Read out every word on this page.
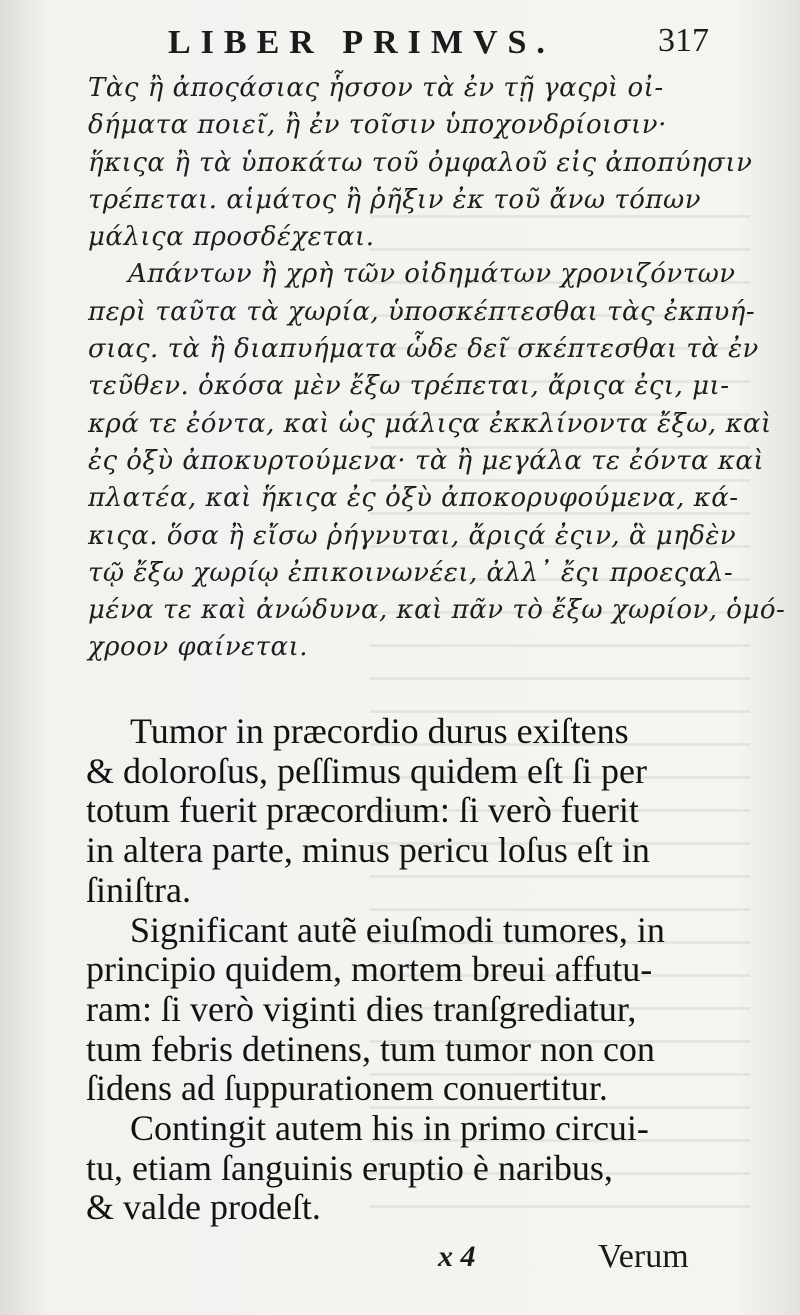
LIBER PRIMVS.	317

Τὰς ἢ ἀποςάσιας ἧσσον τὰ ἐν τῇ γαςρὶ οἰ-
δήματα ποιεῖ, ἢ ἐν τοῖσιν ὑποχονδρίοισιν·
ἥκιςα ἢ τὰ ὑποκάτω τοῦ ὀμφαλοῦ εἰς ἀποπύησιν
τρέπεται. αἱμάτος ἢ ῥῆξιν ἐκ τοῦ ἄνω τόπων
μάλιςα προσδέχεται.

Απάντων ἢ χρὴ τῶν οἰδημάτων χρονιζόντων
περὶ ταῦτα τὰ χωρία, ὑποσκέπτεσθαι τὰς ἐκπυή-
σιας. τὰ ἢ διαπυήματα ὧδε δεῖ σκέπτεσθαι τὰ ἐν
τεῦθεν. ὁκόσα μὲν ἔξω τρέπεται, ἄριςα ἐςι, μι-
κρά τε ἐόντα, καὶ ὡς μάλιςα ἐκκλίνοντα ἔξω, καὶ
ἐς ὀξὺ ἀποκυρτούμενα· τὰ ἢ μεγάλα τε ἐόντα καὶ
πλατέα, καὶ ἥκιςα ἐς ὀξὺ ἀποκορυφούμενα, κά-
κιςα. ὅσα ἢ εἴσω ῥήγνυται, ἄριςά ἐςιν, ἃ μηδὲν
τῷ ἔξω χωρίῳ ἐπικοινωνέει, ἀλλ᾽ ἔςι προεςαλ-
μένα τε καὶ ἀνώδυνα, καὶ πᾶν τὸ ἔξω χωρίον, ὁμό-
χροον φαίνεται.

Tumor in præcordio durus exiſtens
& doloroſus, peſſimus quidem eſt ſi per
totum fuerit præcordium: ſi verò fuerit
in altera parte, minus pericu loſus eſt in
ſiniſtra.

Significant autẽ eiuſmodi tumores, in
principio quidem, mortem breui affutu-
ram: ſi verò viginti dies tranſgrediatur,
tum febris detinens, tum tumor non con
ſidens ad ſuppurationem conuertitur.

Contingit autem his in primo circui-
tu, etiam ſanguinis eruptio è naribus,
& valde prodeſt.

x 4	Verum
